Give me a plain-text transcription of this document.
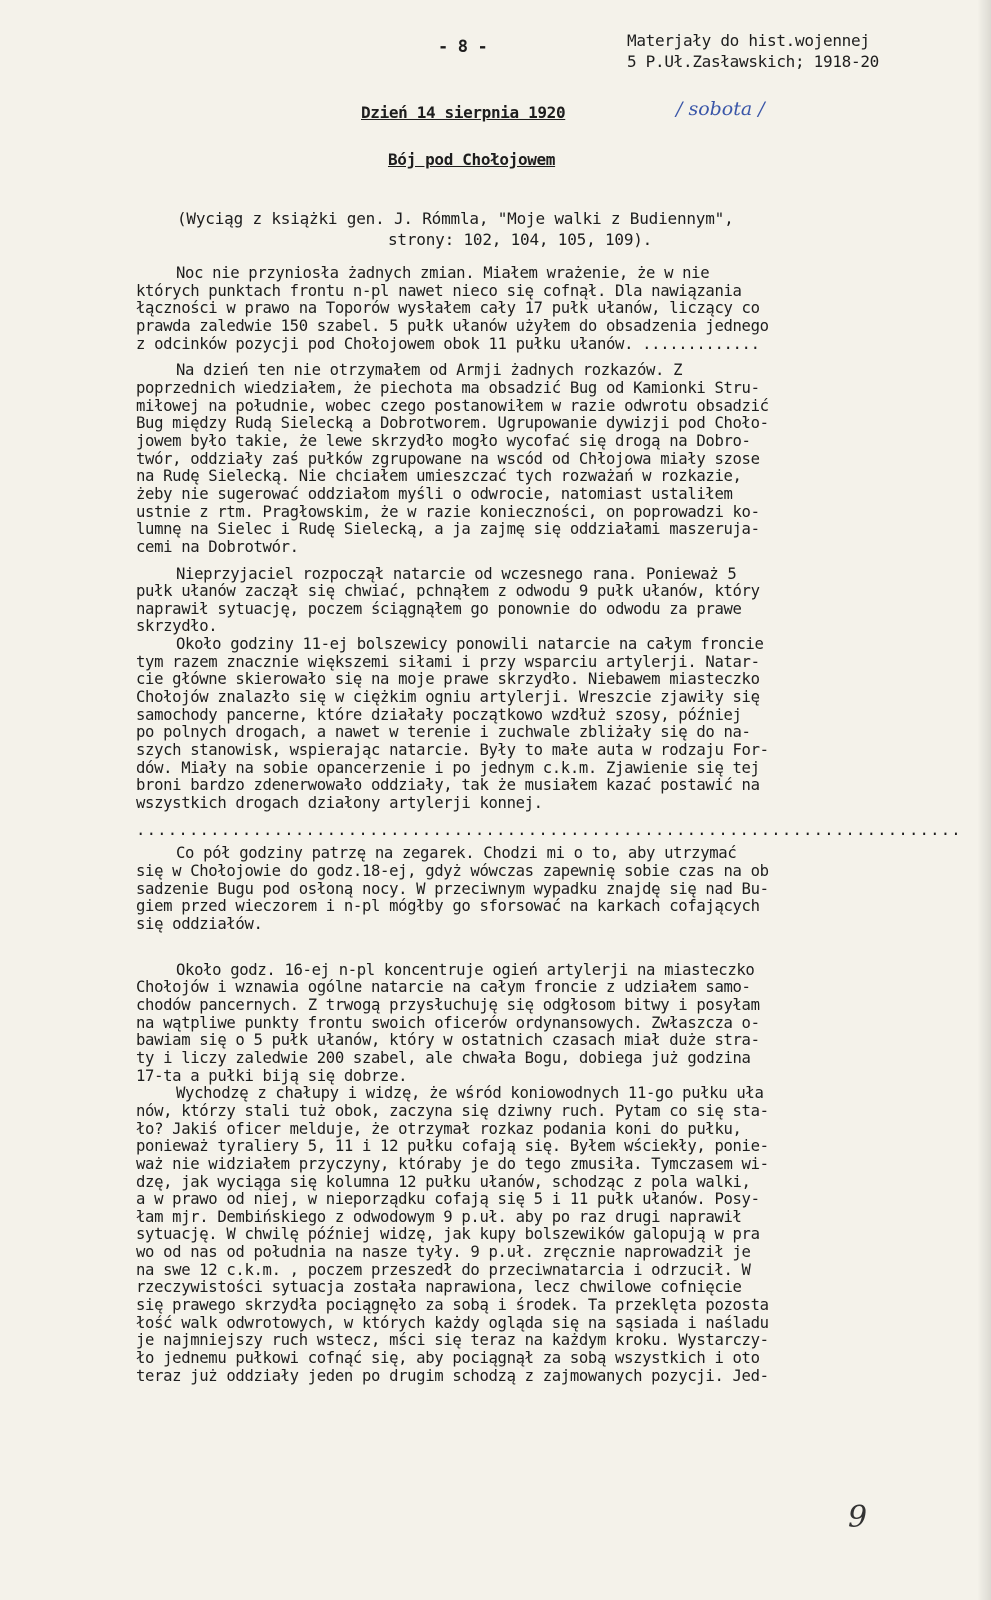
- 8 -	Materjały do hist.wojennej
5 P.Uł.Zasławskich; 1918-20
Dzień 14 sierpnia 1920	/ sobota /
Bój pod Chołojowem
(Wyciąg z książki gen. J. Rómmla, "Moje walki z Budiennym",
strony: 102, 104, 105, 109).
Noc nie przyniosła żadnych zmian. Miałem wrażenie, że w nie
których punktach frontu n-pl nawet nieco się cofnął. Dla nawiązania
łączności w prawo na Toporów wysłałem cały 17 pułk ułanów, liczący co
prawda zaledwie 150 szabel. 5 pułk ułanów użyłem do obsadzenia jednego
z odcinków pozycji pod Chołojowem obok 11 pułku ułanów. .............
Na dzień ten nie otrzymałem od Armji żadnych rozkazów. Z
poprzednich wiedziałem, że piechota ma obsadzić Bug od Kamionki Stru-
miłowej na południe, wobec czego postanowiłem w razie odwrotu obsadzić
Bug między Rudą Sielecką a Dobrotworem. Ugrupowanie dywizji pod Choło-
jowem było takie, że lewe skrzydło mogło wycofać się drogą na Dobro-
twór, oddziały zaś pułków zgrupowane na wscód od Chłojowa miały szose
na Rudę Sielecką. Nie chciałem umieszczać tych rozważań w rozkazie,
żeby nie sugerować oddziałom myśli o odwrocie, natomiast ustaliłem
ustnie z rtm. Pragłowskim, że w razie konieczności, on poprowadzi ko-
lumnę na Sielec i Rudę Sielecką, a ja zajmę się oddziałami maszeruja-
cemi na Dobrotwór.
Nieprzyjaciel rozpoczął natarcie od wczesnego rana. Ponieważ 5
pułk ułanów zaczął się chwiać, pchnąłem z odwodu 9 pułk ułanów, który
naprawił sytuację, poczem ściągnąłem go ponownie do odwodu za prawe
skrzydło.
Około godziny 11-ej bolszewicy ponowili natarcie na całym froncie
tym razem znacznie większemi siłami i przy wsparciu artylerji. Natar-
cie główne skierowało się na moje prawe skrzydło. Niebawem miasteczko
Chołojów znalazło się w ciężkim ogniu artylerji. Wreszcie zjawiły się
samochody pancerne, które działały początkowo wzdłuż szosy, później
po polnych drogach, a nawet w terenie i zuchwale zbliżały się do na-
szych stanowisk, wspierając natarcie. Były to małe auta w rodzaju For-
dów. Miały na sobie opancerzenie i po jednym c.k.m. Zjawienie się tej
broni bardzo zdenerwowało oddziały, tak że musiałem kazać postawić na
wszystkich drogach działony artylerji konnej.
..............................................................................
Co pół godziny patrzę na zegarek. Chodzi mi o to, aby utrzymać
się w Chołojowie do godz.18-ej, gdyż wówczas zapewnię sobie czas na ob
sadzenie Bugu pod osłoną nocy. W przeciwnym wypadku znajdę się nad Bu-
giem przed wieczorem i n-pl mógłby go sforsować na karkach cofających
się oddziałów.
Około godz. 16-ej n-pl koncentruje ogień artylerji na miasteczko
Chołojów i wznawia ogólne natarcie na całym froncie z udziałem samo-
chodów pancernych. Z trwogą przysłuchuję się odgłosom bitwy i posyłam
na wątpliwe punkty frontu swoich oficerów ordynansowych. Zwłaszcza o-
bawiam się o 5 pułk ułanów, który w ostatnich czasach miał duże stra-
ty i liczy zaledwie 200 szabel, ale chwała Bogu, dobiega już godzina
17-ta a pułki biją się dobrze.
Wychodzę z chałupy i widzę, że wśród koniowodnych 11-go pułku uła
nów, którzy stali tuż obok, zaczyna się dziwny ruch. Pytam co się sta-
ło? Jakiś oficer melduje, że otrzymał rozkaz podania koni do pułku,
ponieważ tyraliery 5, 11 i 12 pułku cofają się. Byłem wściekły, ponie-
waż nie widziałem przyczyny, któraby je do tego zmusiła. Tymczasem wi-
dzę, jak wyciąga się kolumna 12 pułku ułanów, schodząc z pola walki,
a w prawo od niej, w nieporządku cofają się 5 i 11 pułk ułanów. Posy-
łam mjr. Dembińskiego z odwodowym 9 p.uł. aby po raz drugi naprawił
sytuację. W chwilę później widzę, jak kupy bolszewików galopują w pra
wo od nas od południa na nasze tyły. 9 p.uł. zręcznie naprowadził je
na swe 12 c.k.m. , poczem przeszedł do przeciwnatarcia i odrzucił. W
rzeczywistości sytuacja została naprawiona, lecz chwilowe cofnięcie
się prawego skrzydła pociągnęło za sobą i środek. Ta przeklęta pozosta
łość walk odwrotowych, w których każdy ogląda się na sąsiada i naśladu
je najmniejszy ruch wstecz, mści się teraz na każdym kroku. Wystarczy-
ło jednemu pułkowi cofnąć się, aby pociągnął za sobą wszystkich i oto
teraz już oddziały jeden po drugim schodzą z zajmowanych pozycji. Jed-
9
